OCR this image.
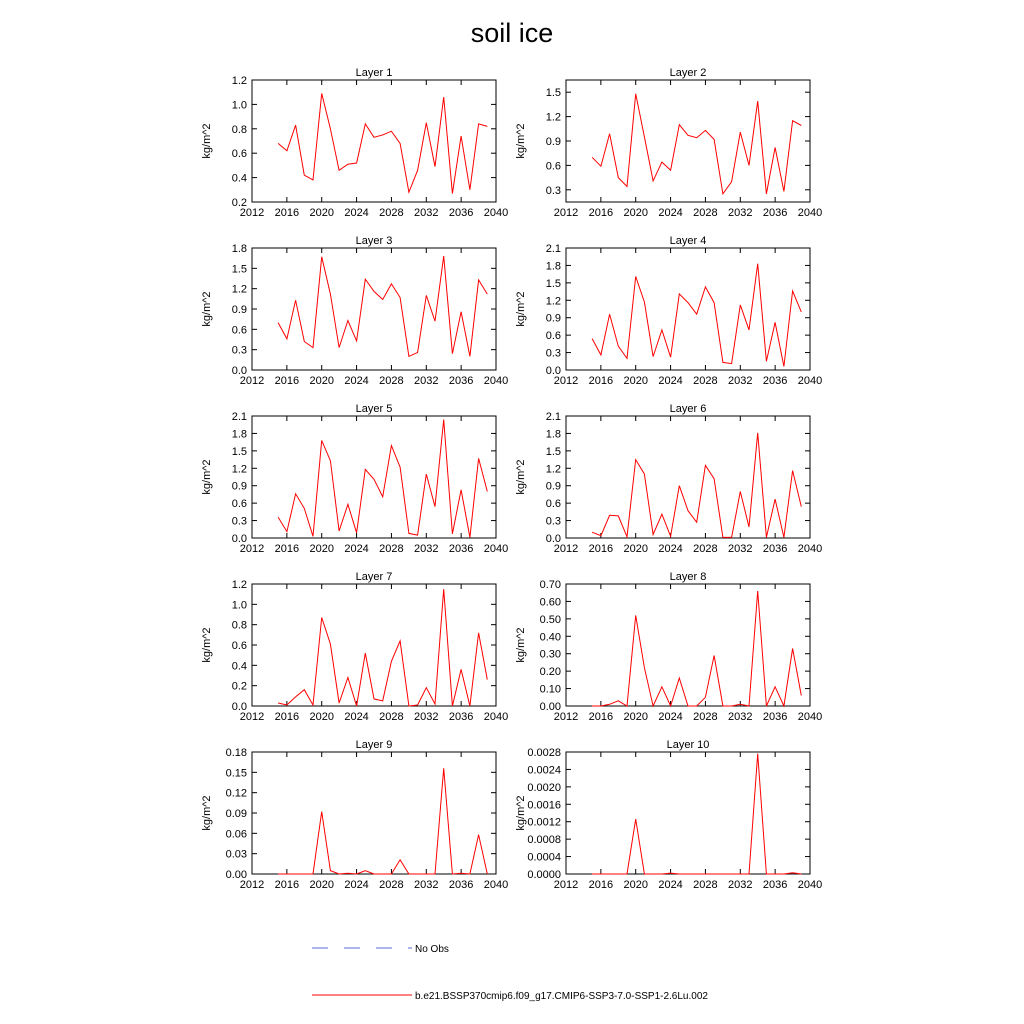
soil ice
Layer 1
kg/m^2
2012 2016 2020 2024 2028 2032 2036 2040
0.2
0.4
0.6
0.8
1.0
1.2
Layer 2
kg/m^2
2012 2016 2020 2024 2028 2032 2036 2040
0.3
0.6
0.9
1.2
1.5
Layer 3
kg/m^2
2012 2016 2020 2024 2028 2032 2036 2040
0.0
0.3
0.6
0.9
1.2
1.5
1.8
Layer 4
kg/m^2
2012 2016 2020 2024 2028 2032 2036 2040
0.0
0.3
0.6
0.9
1.2
1.5
1.8
2.1
Layer 5
kg/m^2
2012 2016 2020 2024 2028 2032 2036 2040
0.0
0.3
0.6
0.9
1.2
1.5
1.8
2.1
Layer 6
kg/m^2
2012 2016 2020 2024 2028 2032 2036 2040
0.0
0.3
0.6
0.9
1.2
1.5
1.8
2.1
Layer 7
kg/m^2
2012 2016 2020 2024 2028 2032 2036 2040
0.0
0.2
0.4
0.6
0.8
1.0
1.2
Layer 8
kg/m^2
2012 2016 2020 2024 2028 2032 2036 2040
0.00
0.10
0.20
0.30
0.40
0.50
0.60
0.70
Layer 9
kg/m^2
2012 2016 2020 2024 2028 2032 2036 2040
0.00
0.03
0.06
0.09
0.12
0.15
0.18
Layer 10
kg/m^2
2012 2016 2020 2024 2028 2032 2036 2040
0.0000
0.0004
0.0008
0.0012
0.0016
0.0020
0.0024
0.0028
No Obs
b.e21.BSSP370cmip6.f09_g17.CMIP6-SSP3-7.0-SSP1-2.6Lu.002
